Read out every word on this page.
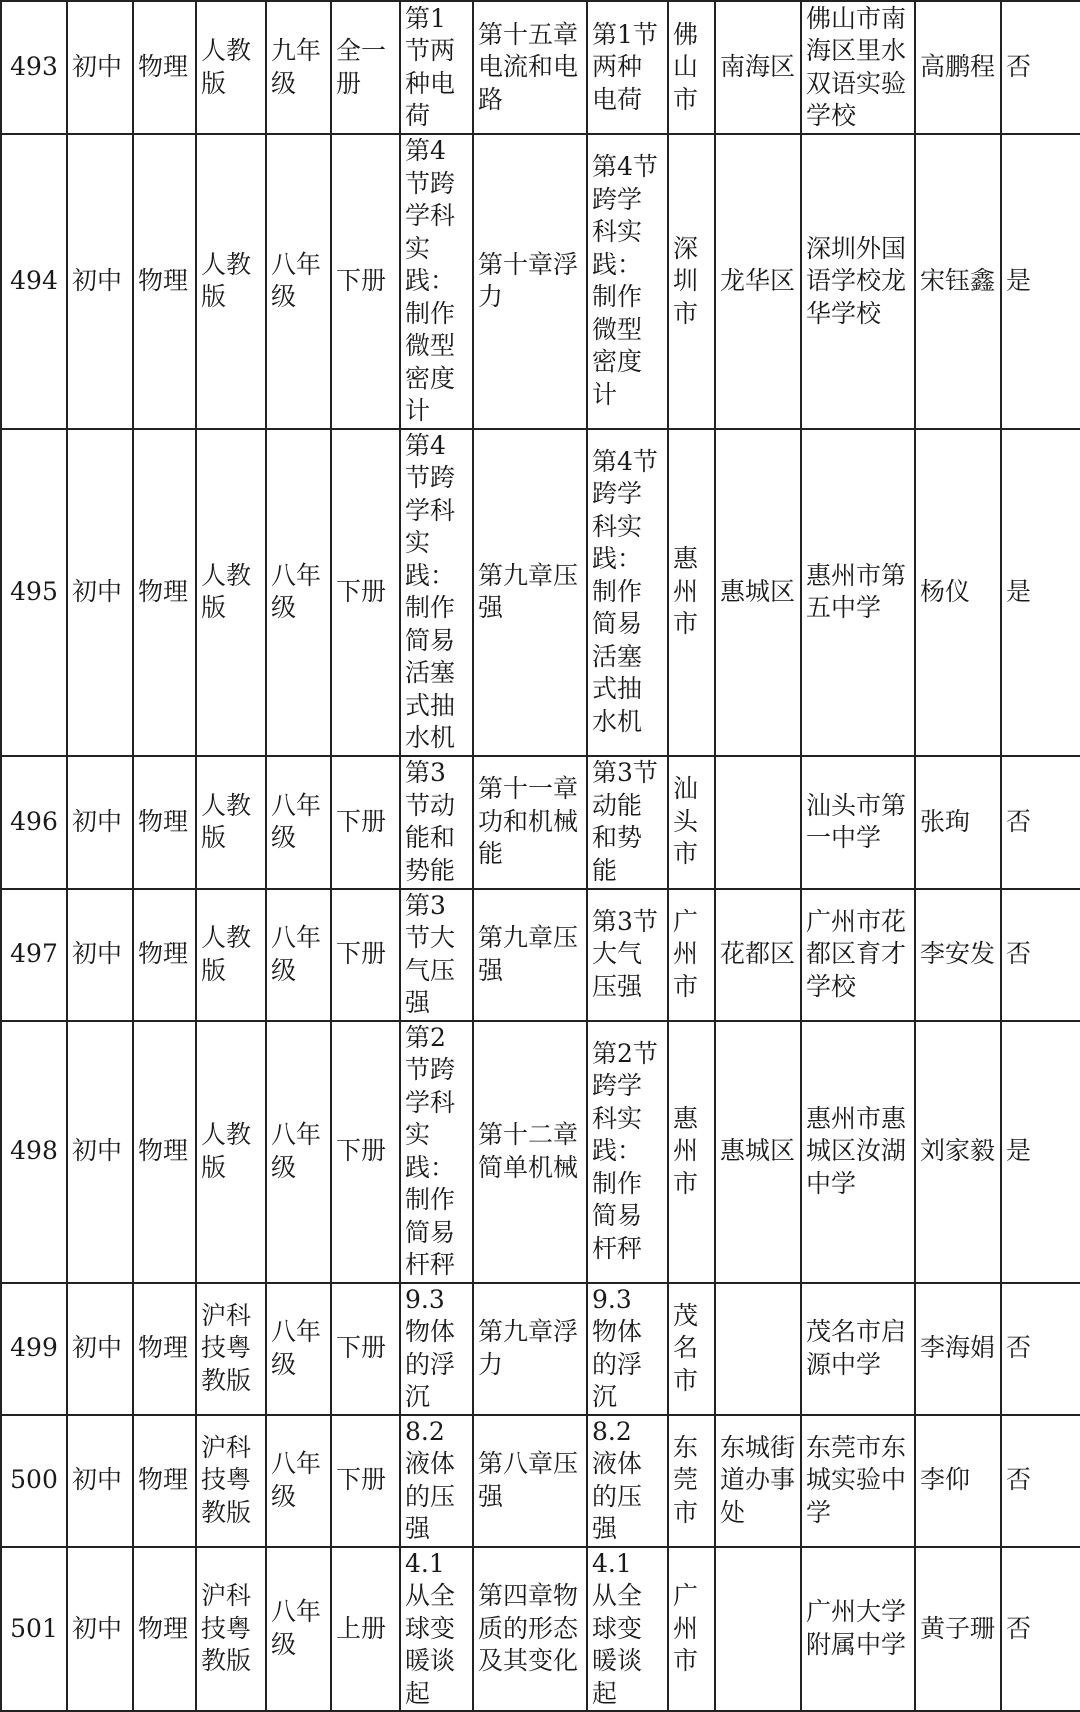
493	初中	物理	人教版	九年级	全一册	第1节两种电荷	第十五章电流和电路	第1节两种电荷	佛山市	南海区	佛山市南海区里水双语实验学校	高鹏程	否
494	初中	物理	人教版	八年级	下册	第4节跨学科实践：制作微型密度计	第十章浮力	第4节跨学科实践：制作微型密度计	深圳市	龙华区	深圳外国语学校龙华学校	宋钰鑫	是
495	初中	物理	人教版	八年级	下册	第4节跨学科实践：制作简易活塞式抽水机	第九章压强	第4节跨学科实践：制作简易活塞式抽水机	惠州市	惠城区	惠州市第五中学	杨仪	是
496	初中	物理	人教版	八年级	下册	第3节动能和势能	第十一章功和机械能	第3节动能和势能	汕头市		汕头市第一中学	张珣	否
497	初中	物理	人教版	八年级	下册	第3节大气压强	第九章压强	第3节大气压强	广州市	花都区	广州市花都区育才学校	李安发	否
498	初中	物理	人教版	八年级	下册	第2节跨学科实践：制作简易杆秤	第十二章简单机械	第2节跨学科实践：制作简易杆秤	惠州市	惠城区	惠州市惠城区汝湖中学	刘家毅	是
499	初中	物理	沪科技粤教版	八年级	下册	9.3 物体的浮沉	第九章浮力	9.3 物体的浮沉	茂名市		茂名市启源中学	李海娟	否
500	初中	物理	沪科技粤教版	八年级	下册	8.2 液体的压强	第八章压强	8.2 液体的压强	东莞市	东城街道办事处	东莞市东城实验中学	李仰	否
501	初中	物理	沪科技粤教版	八年级	上册	4.1 从全球变暖谈起	第四章物质的形态及其变化	4.1 从全球变暖谈起	广州市		广州大学附属中学	黄子珊	否
